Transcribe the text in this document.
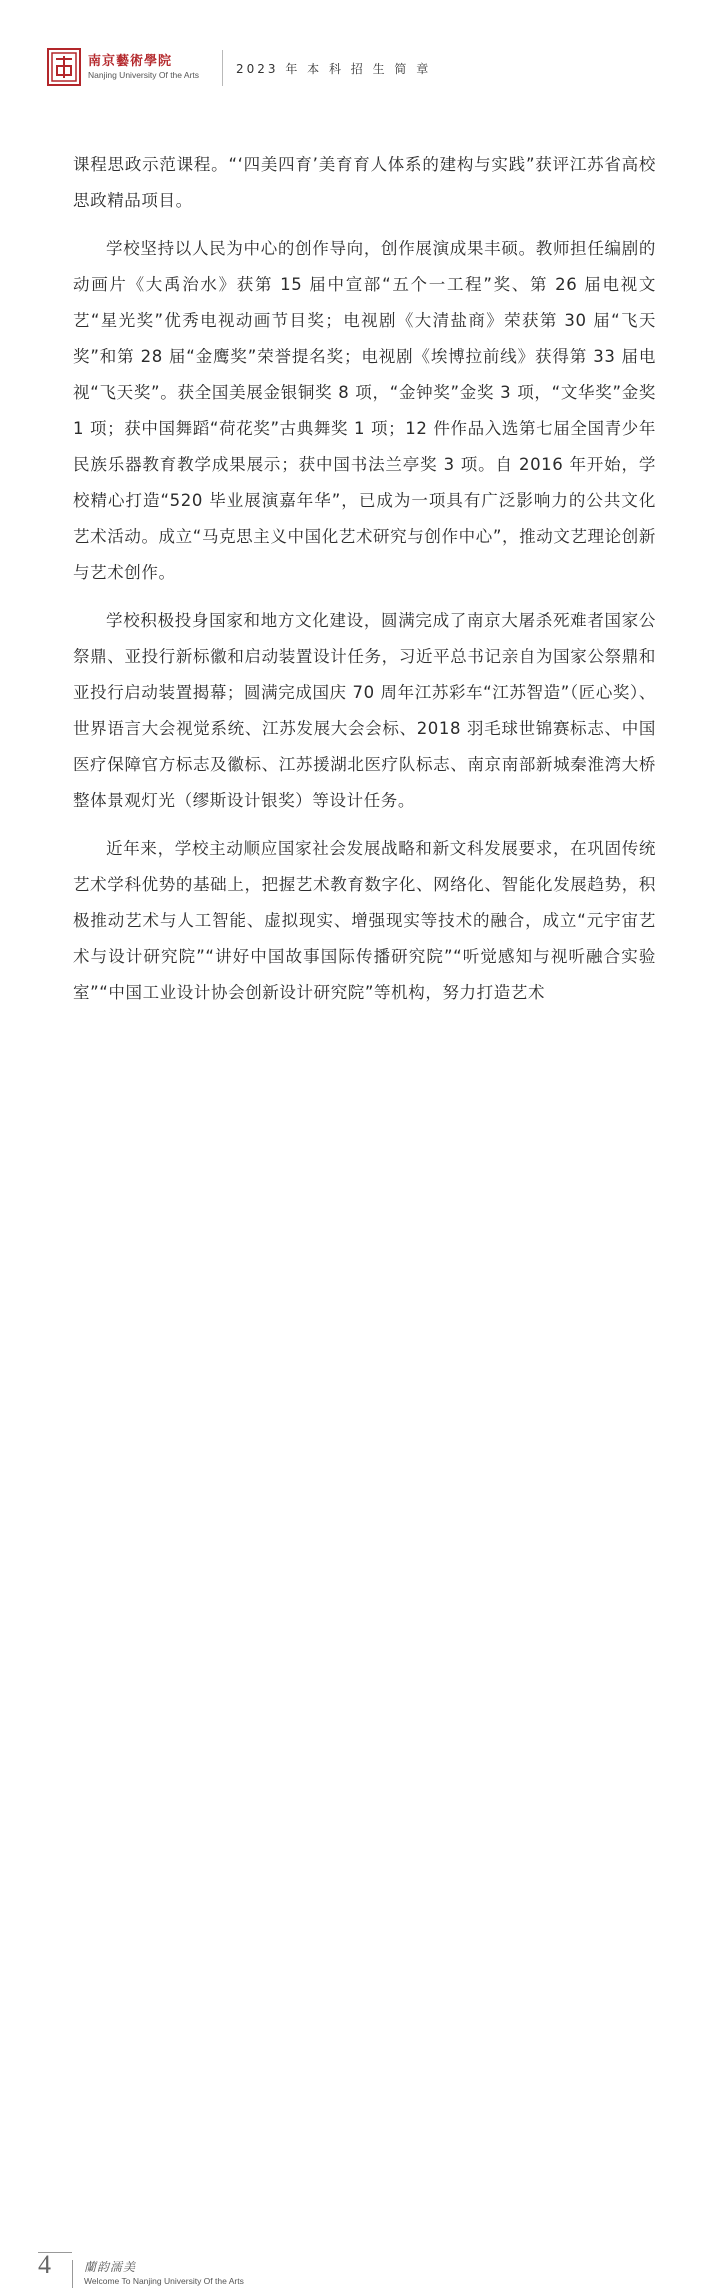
南京藝術學院
Nanjing University Of the Arts	2023 年 本 科 招 生 简 章

课程思政示范课程。“‘四美四育’美育育人体系的建构与实践”获评江苏省高校思政精品项目。

学校坚持以人民为中心的创作导向，创作展演成果丰硕。教师担任编剧的动画片《大禹治水》获第 15 届中宣部“五个一工程”奖、第 26 届电视文艺“星光奖”优秀电视动画节目奖；电视剧《大清盐商》荣获第 30 届“飞天奖”和第 28 届“金鹰奖”荣誉提名奖；电视剧《埃博拉前线》获得第 33 届电视“飞天奖”。获全国美展金银铜奖 8 项，“金钟奖”金奖 3 项，“文华奖”金奖 1 项；获中国舞蹈“荷花奖”古典舞奖 1 项；12 件作品入选第七届全国青少年民族乐器教育教学成果展示；获中国书法兰亭奖 3 项。自 2016 年开始，学校精心打造“520 毕业展演嘉年华”，已成为一项具有广泛影响力的公共文化艺术活动。成立“马克思主义中国化艺术研究与创作中心”，推动文艺理论创新与艺术创作。

学校积极投身国家和地方文化建设，圆满完成了南京大屠杀死难者国家公祭鼎、亚投行新标徽和启动装置设计任务，习近平总书记亲自为国家公祭鼎和亚投行启动装置揭幕；圆满完成国庆 70 周年江苏彩车“江苏智造”（匠心奖）、世界语言大会视觉系统、江苏发展大会会标、2018 羽毛球世锦赛标志、中国医疗保障官方标志及徽标、江苏援湖北医疗队标志、南京南部新城秦淮湾大桥整体景观灯光（缪斯设计银奖）等设计任务。

近年来，学校主动顺应国家社会发展战略和新文科发展要求，在巩固传统艺术学科优势的基础上，把握艺术教育数字化、网络化、智能化发展趋势，积极推动艺术与人工智能、虚拟现实、增强现实等技术的融合，成立“元宇宙艺术与设计研究院”“讲好中国故事国际传播研究院”“听觉感知与视听融合实验室”“中国工业设计协会创新设计研究院”等机构，努力打造艺术

4	蘭韵濡美
Welcome To Nanjing University Of the Arts
